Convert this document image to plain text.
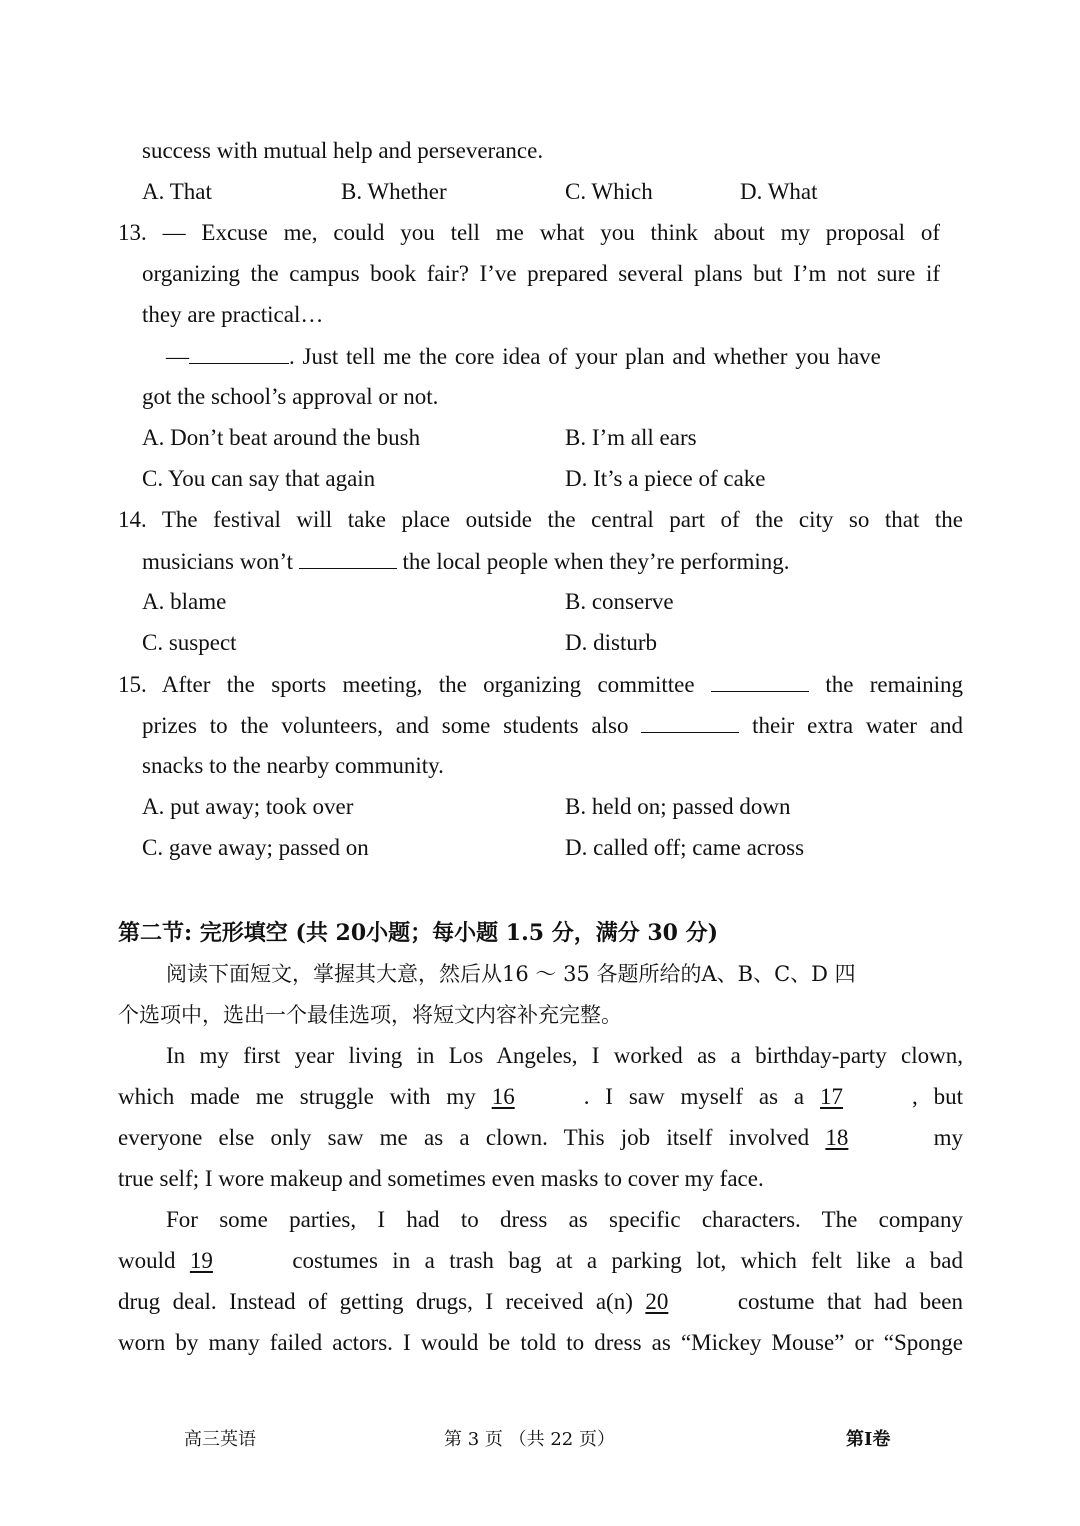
success with mutual help and perseverance.
A. That	B. Whether	C. Which	D. What
13. — Excuse me, could you tell me what you think about my proposal of
organizing the campus book fair? I’ve prepared several plans but I’m not sure if
they are practical…
—	. Just tell me the core idea of your plan and whether you have
got the school’s approval or not.
A. Don’t beat around the bush	B. I’m all ears
C. You can say that again	D. It’s a piece of cake
14. The festival will take place outside the central part of the city so that the
musicians won’t	the local people when they’re performing.
A. blame	B. conserve
C. suspect	D. disturb
15. After the sports meeting, the organizing committee	the remaining
prizes to the volunteers, and some students also	their extra water and
snacks to the nearby community.
A. put away; took over	B. held on; passed down
C. gave away; passed on	D. called off; came across
第二节: 完形填空 (共 20小题；每小题 1.5 分，满分 30 分)
阅读下面短文，掌握其大意，然后从16 ～ 35 各题所给的A、B、C、D 四
个选项中，选出一个最佳选项，将短文内容补充完整。
In my first year living in Los Angeles, I worked as a birthday-party clown,
which made me struggle with my 16	. I saw myself as a 17	, but
everyone else only saw me as a clown. This job itself involved 18	my
true self; I wore makeup and sometimes even masks to cover my face.
For some parties, I had to dress as specific characters. The company
would 19	costumes in a trash bag at a parking lot, which felt like a bad
drug deal. Instead of getting drugs, I received a(n) 20	costume that had been
worn by many failed actors. I would be told to dress as “Mickey Mouse” or “Sponge
高三英语	第 3 页 （共 22 页）	第Ⅰ卷
